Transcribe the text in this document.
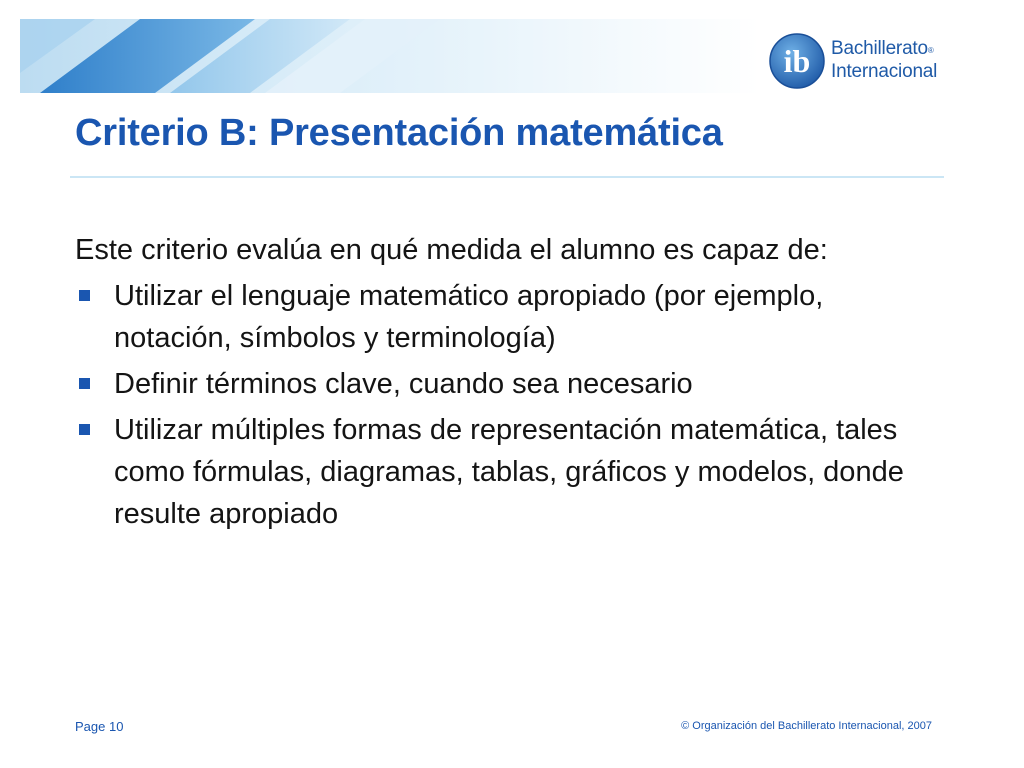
ib Bachillerato®
Internacional
Criterio B: Presentación matemática

Este criterio evalúa en qué medida el alumno es capaz de:

Utilizar el lenguaje matemático apropiado (por ejemplo, notación, símbolos y terminología)
Definir términos clave, cuando sea necesario
Utilizar múltiples formas de representación matemática, tales como fórmulas, diagramas, tablas, gráficos y modelos, donde resulte apropiado
Page 10	© Organización del Bachillerato Internacional, 2007
